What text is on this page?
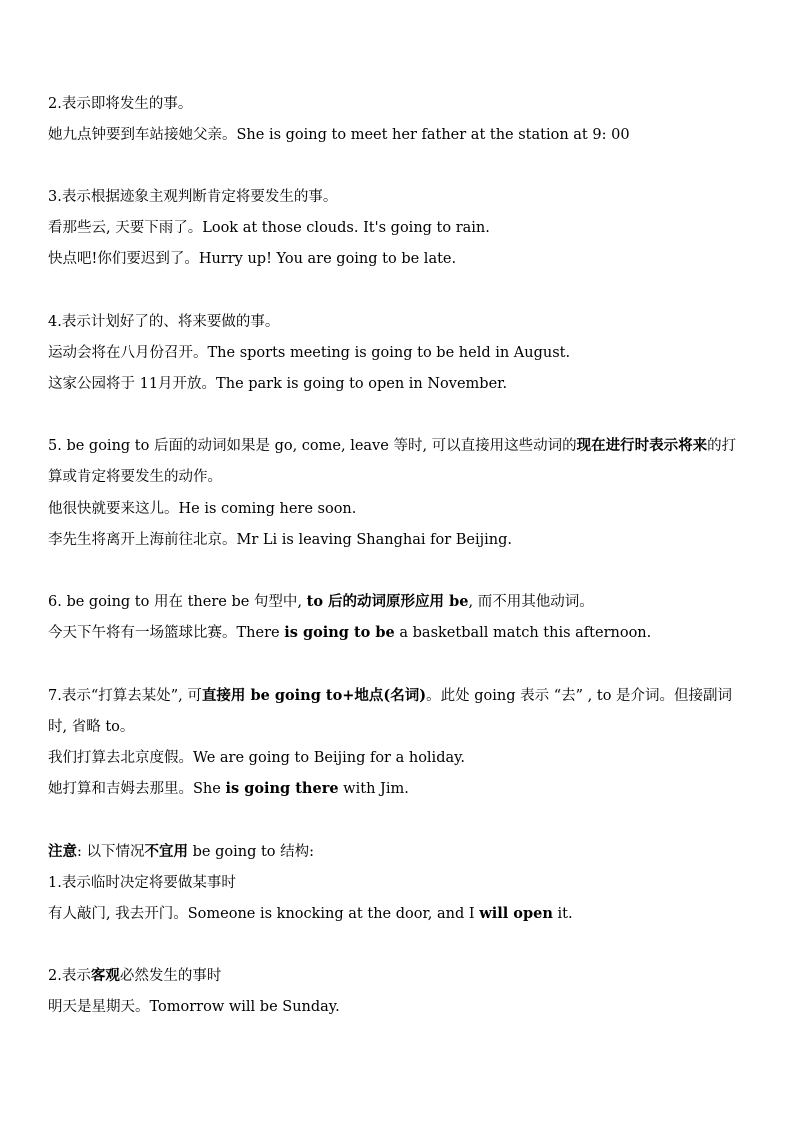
2.表示即将发生的事。
她九点钟要到车站接她父亲。She is going to meet her father at the station at 9: 00
3.表示根据迹象主观判断肯定将要发生的事。
看那些云, 天要下雨了。Look at those clouds. It's going to rain.
快点吧!你们要迟到了。Hurry up! You are going to be late.
4.表示计划好了的、将来要做的事。
运动会将在八月份召开。The sports meeting is going to be held in August.
这家公园将于 11月开放。The park is going to open in November.
5. be going to 后面的动词如果是 go, come, leave 等时, 可以直接用这些动词的现在进行时表示将来的打算或肯定将要发生的动作。
他很快就要来这儿。He is coming here soon.
李先生将离开上海前往北京。Mr Li is leaving Shanghai for Beijing.
6. be going to 用在 there be 句型中, to 后的动词原形应用 be, 而不用其他动词。
今天下午将有一场篮球比赛。There is going to be a basketball match this afternoon.
7.表示“打算去某处”, 可直接用 be going to+地点(名词)。此处 going 表示 “去” , to 是介词。但接副词时, 省略 to。
我们打算去北京度假。We are going to Beijing for a holiday.
她打算和吉姆去那里。She is going there with Jim.
注意: 以下情况不宜用 be going to 结构:
1.表示临时决定将要做某事时
有人敲门, 我去开门。Someone is knocking at the door, and I will open it.
2.表示客观必然发生的事时
明天是星期天。Tomorrow will be Sunday.
